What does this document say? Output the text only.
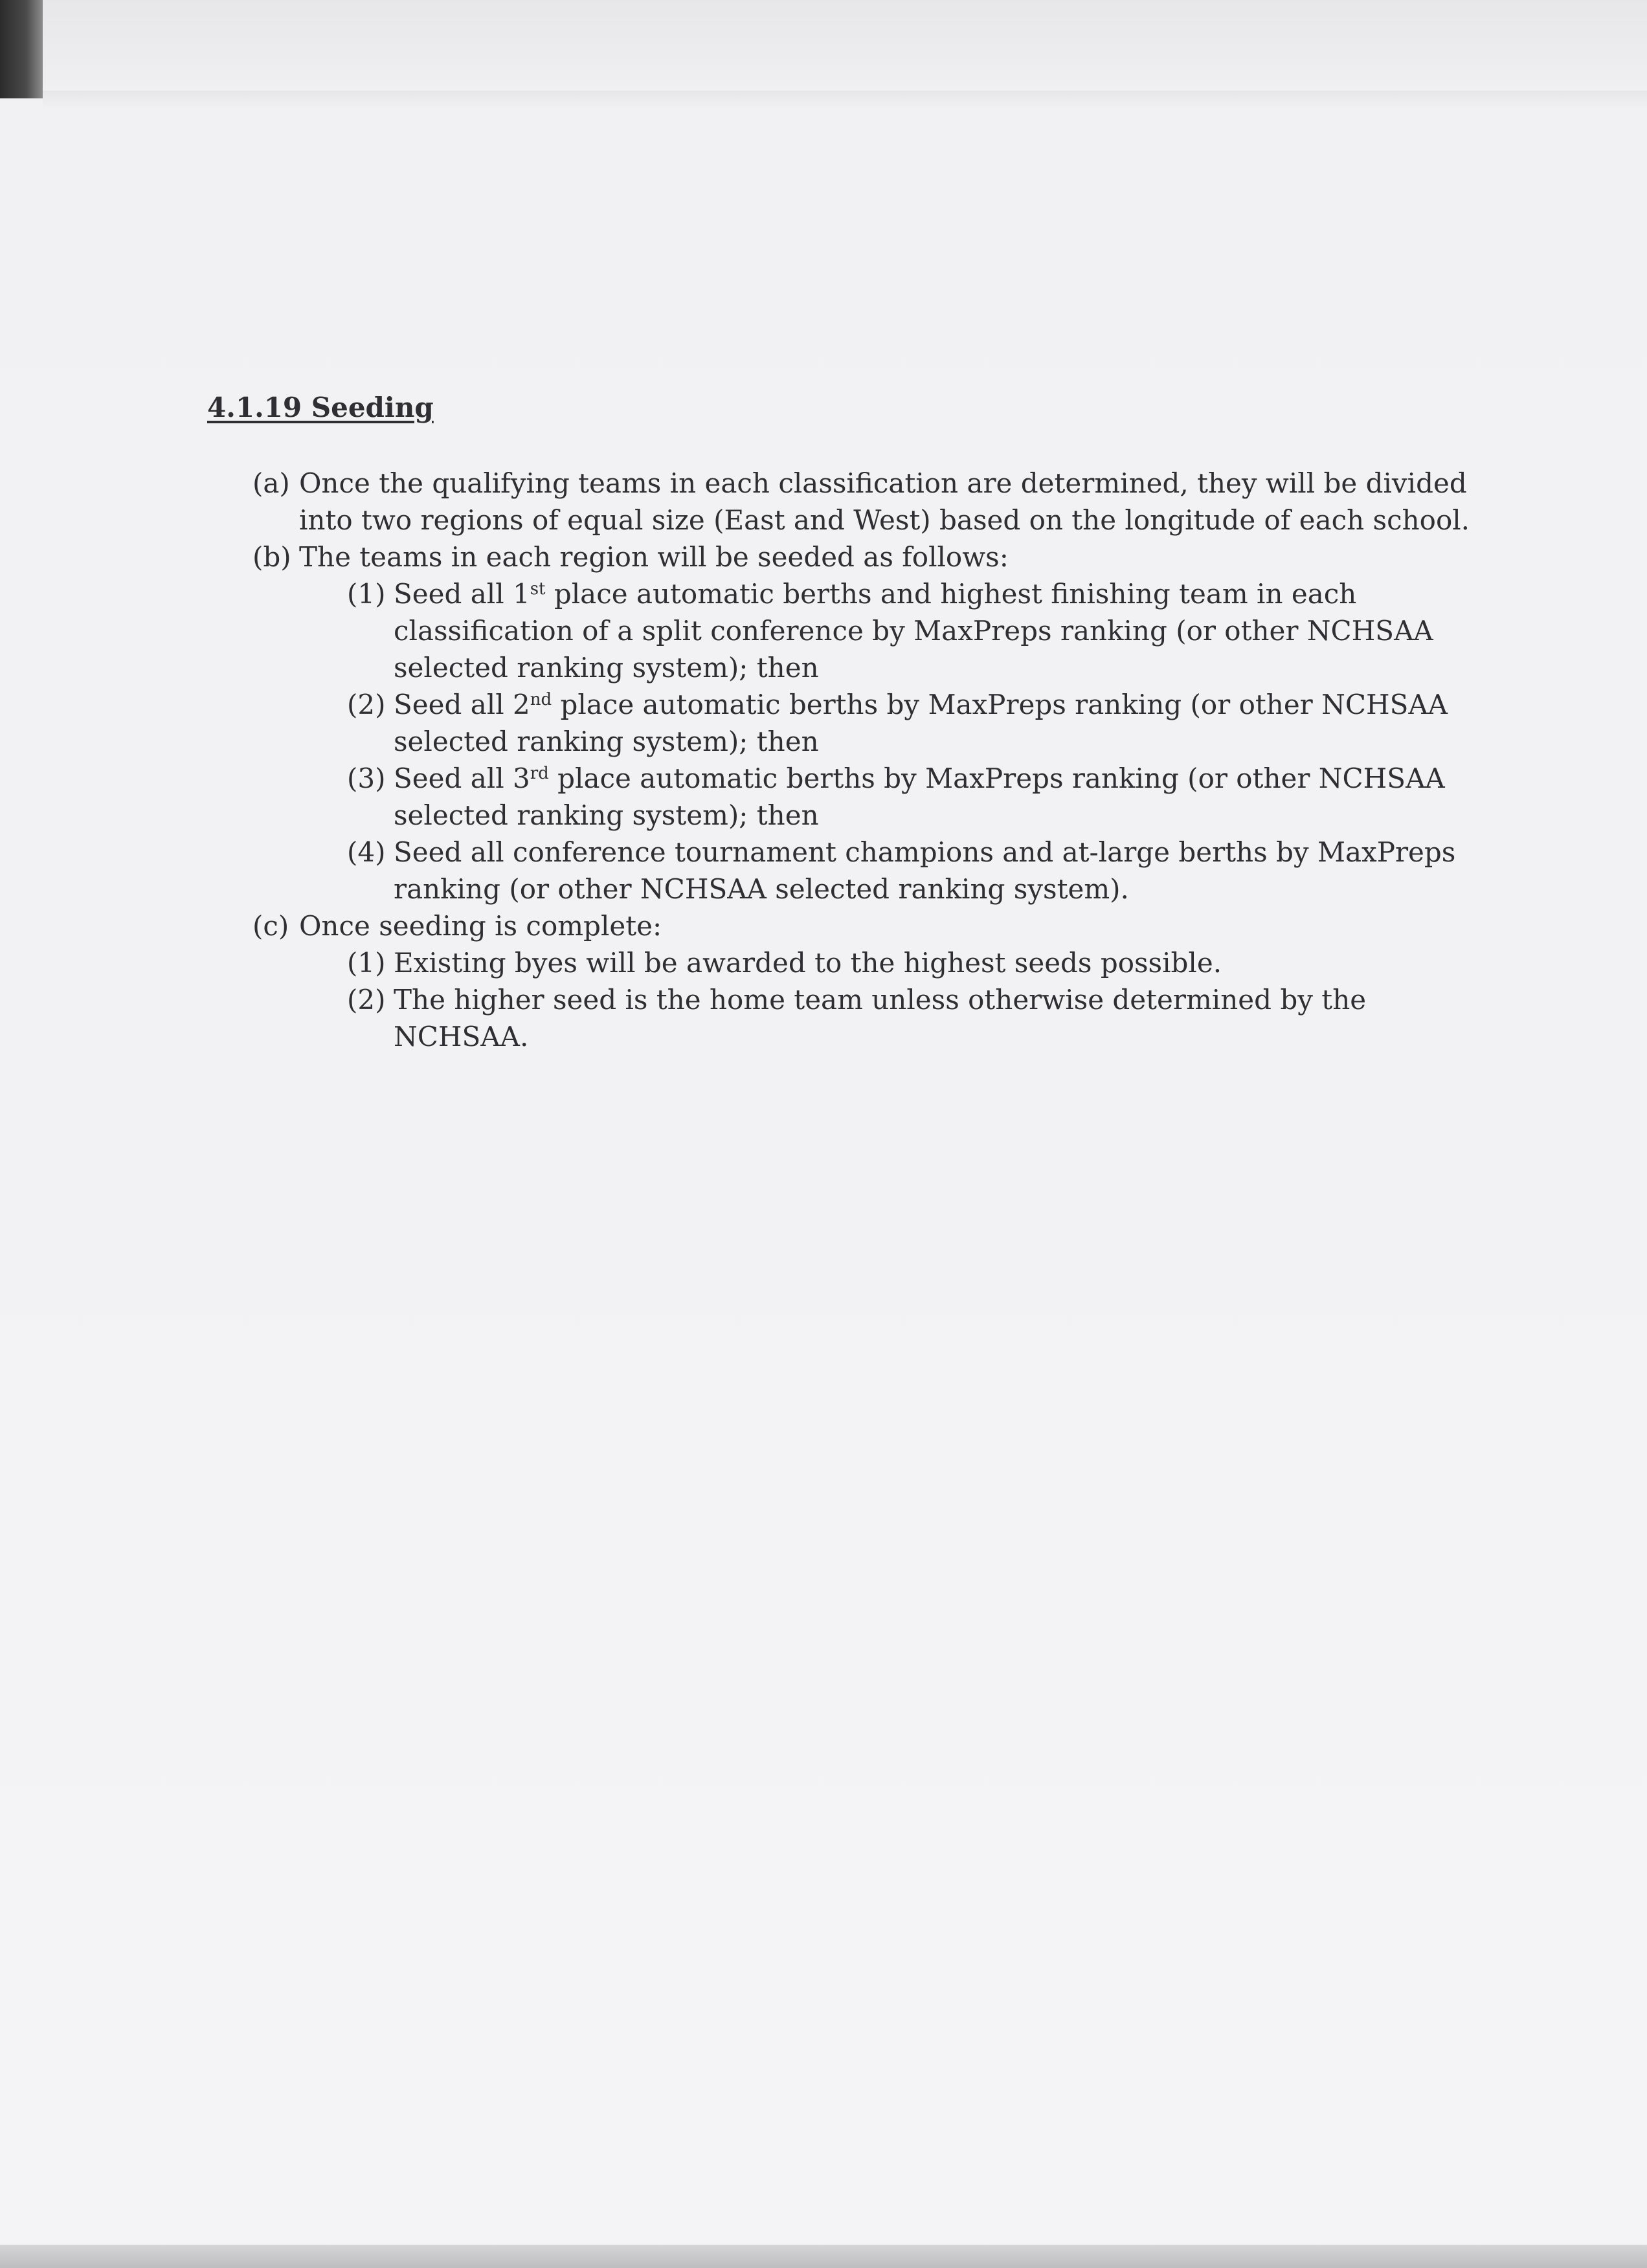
4.1.19 Seeding

(a) Once the qualifying teams in each classification are determined, they will be divided into two regions of equal size (East and West) based on the longitude of each school.

(b) The teams in each region will be seeded as follows:

(1) Seed all 1st place automatic berths and highest finishing team in each classification of a split conference by MaxPreps ranking (or other NCHSAA selected ranking system); then

(2) Seed all 2nd place automatic berths by MaxPreps ranking (or other NCHSAA selected ranking system); then

(3) Seed all 3rd place automatic berths by MaxPreps ranking (or other NCHSAA selected ranking system); then

(4) Seed all conference tournament champions and at-large berths by MaxPreps ranking (or other NCHSAA selected ranking system).

(c) Once seeding is complete:

(1) Existing byes will be awarded to the highest seeds possible.

(2) The higher seed is the home team unless otherwise determined by the NCHSAA.
